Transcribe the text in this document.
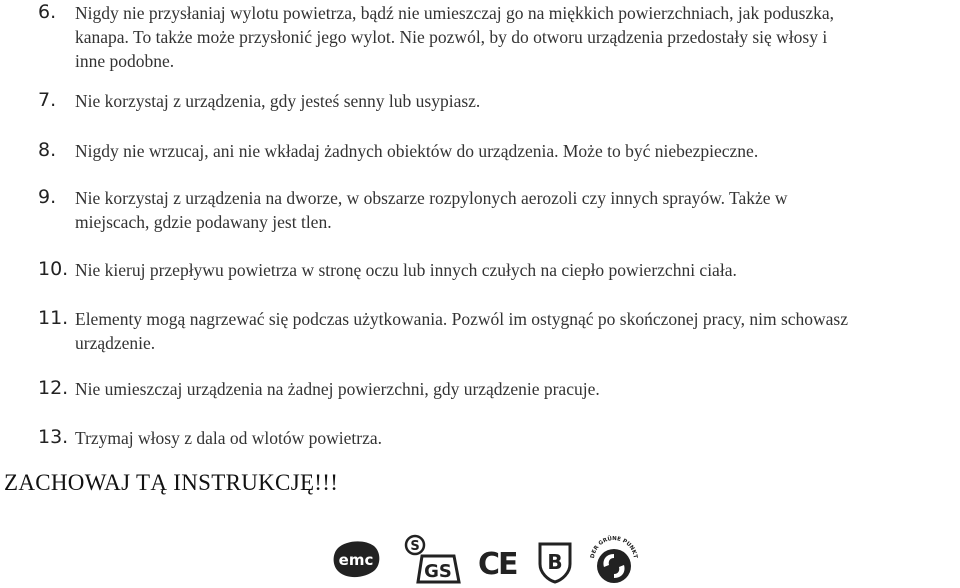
6. Nigdy nie przysłaniaj wylotu powietrza, bądź nie umieszczaj go na miękkich powierzchniach, jak poduszka,
kanapa. To także może przysłonić jego wylot. Nie pozwól, by do otworu urządzenia przedostały się włosy i
inne podobne.
7. Nie korzystaj z urządzenia, gdy jesteś senny lub usypiasz.
8. Nigdy nie wrzucaj, ani nie wkładaj żadnych obiektów do urządzenia. Może to być niebezpieczne.
9. Nie korzystaj z urządzenia na dworze, w obszarze rozpylonych aerozoli czy innych sprayów. Także w
miejscach, gdzie podawany jest tlen.
10. Nie kieruj przepływu powietrza w stronę oczu lub innych czułych na ciepło powierzchni ciała.
11. Elementy mogą nagrzewać się podczas użytkowania. Pozwól im ostygnąć po skończonej pracy, nim schowasz
urządzenie.
12. Nie umieszczaj urządzenia na żadnej powierzchni, gdy urządzenie pracuje.
13. Trzymaj włosy z dala od wlotów powietrza.
ZACHOWAJ TĄ INSTRUKCJĘ!!!
emc
S
GS CE B	DER GRÜNE PUNKT
